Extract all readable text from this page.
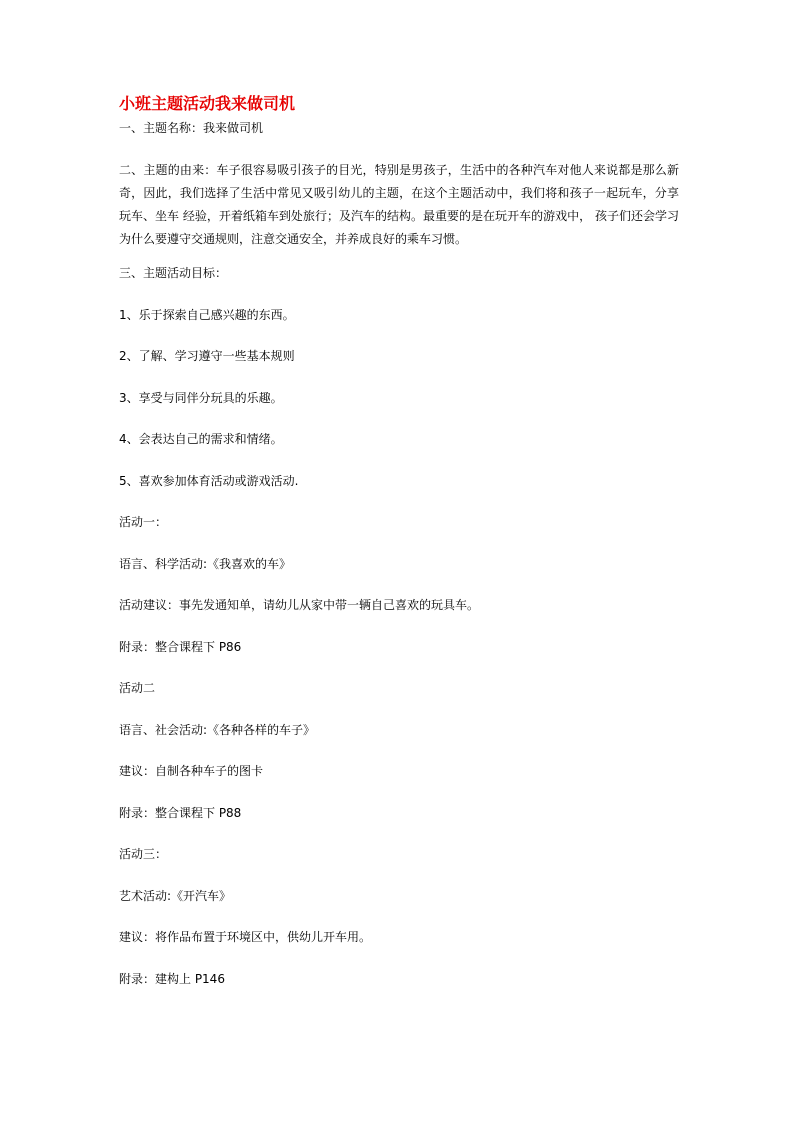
小班主题活动我来做司机
一、主题名称：我来做司机
二、主题的由来：车子很容易吸引孩子的目光，特别是男孩子，生活中的各种汽车对他人来说都是那么新奇，因此，我们选择了生活中常见又吸引幼儿的主题，在这个主题活动中，我们将和孩子一起玩车，分享玩车、坐车 经验，开着纸箱车到处旅行；及汽车的结构。最重要的是在玩开车的游戏中， 孩子们还会学习为什么要遵守交通规则，注意交通安全，并养成良好的乘车习惯。
三、主题活动目标：
1、乐于探索自己感兴趣的东西。
2、了解、学习遵守一些基本规则
3、享受与同伴分玩具的乐趣。
4、会表达自己的需求和情绪。
5、喜欢参加体育活动或游戏活动.
活动一：
语言、科学活动:《我喜欢的车》
活动建议：事先发通知单，请幼儿从家中带一辆自己喜欢的玩具车。
附录：整合课程下 P86
活动二
语言、社会活动:《各种各样的车子》
建议：自制各种车子的图卡
附录：整合课程下 P88
活动三：
艺术活动:《开汽车》
建议：将作品布置于环境区中，供幼儿开车用。
附录：建构上 P146
